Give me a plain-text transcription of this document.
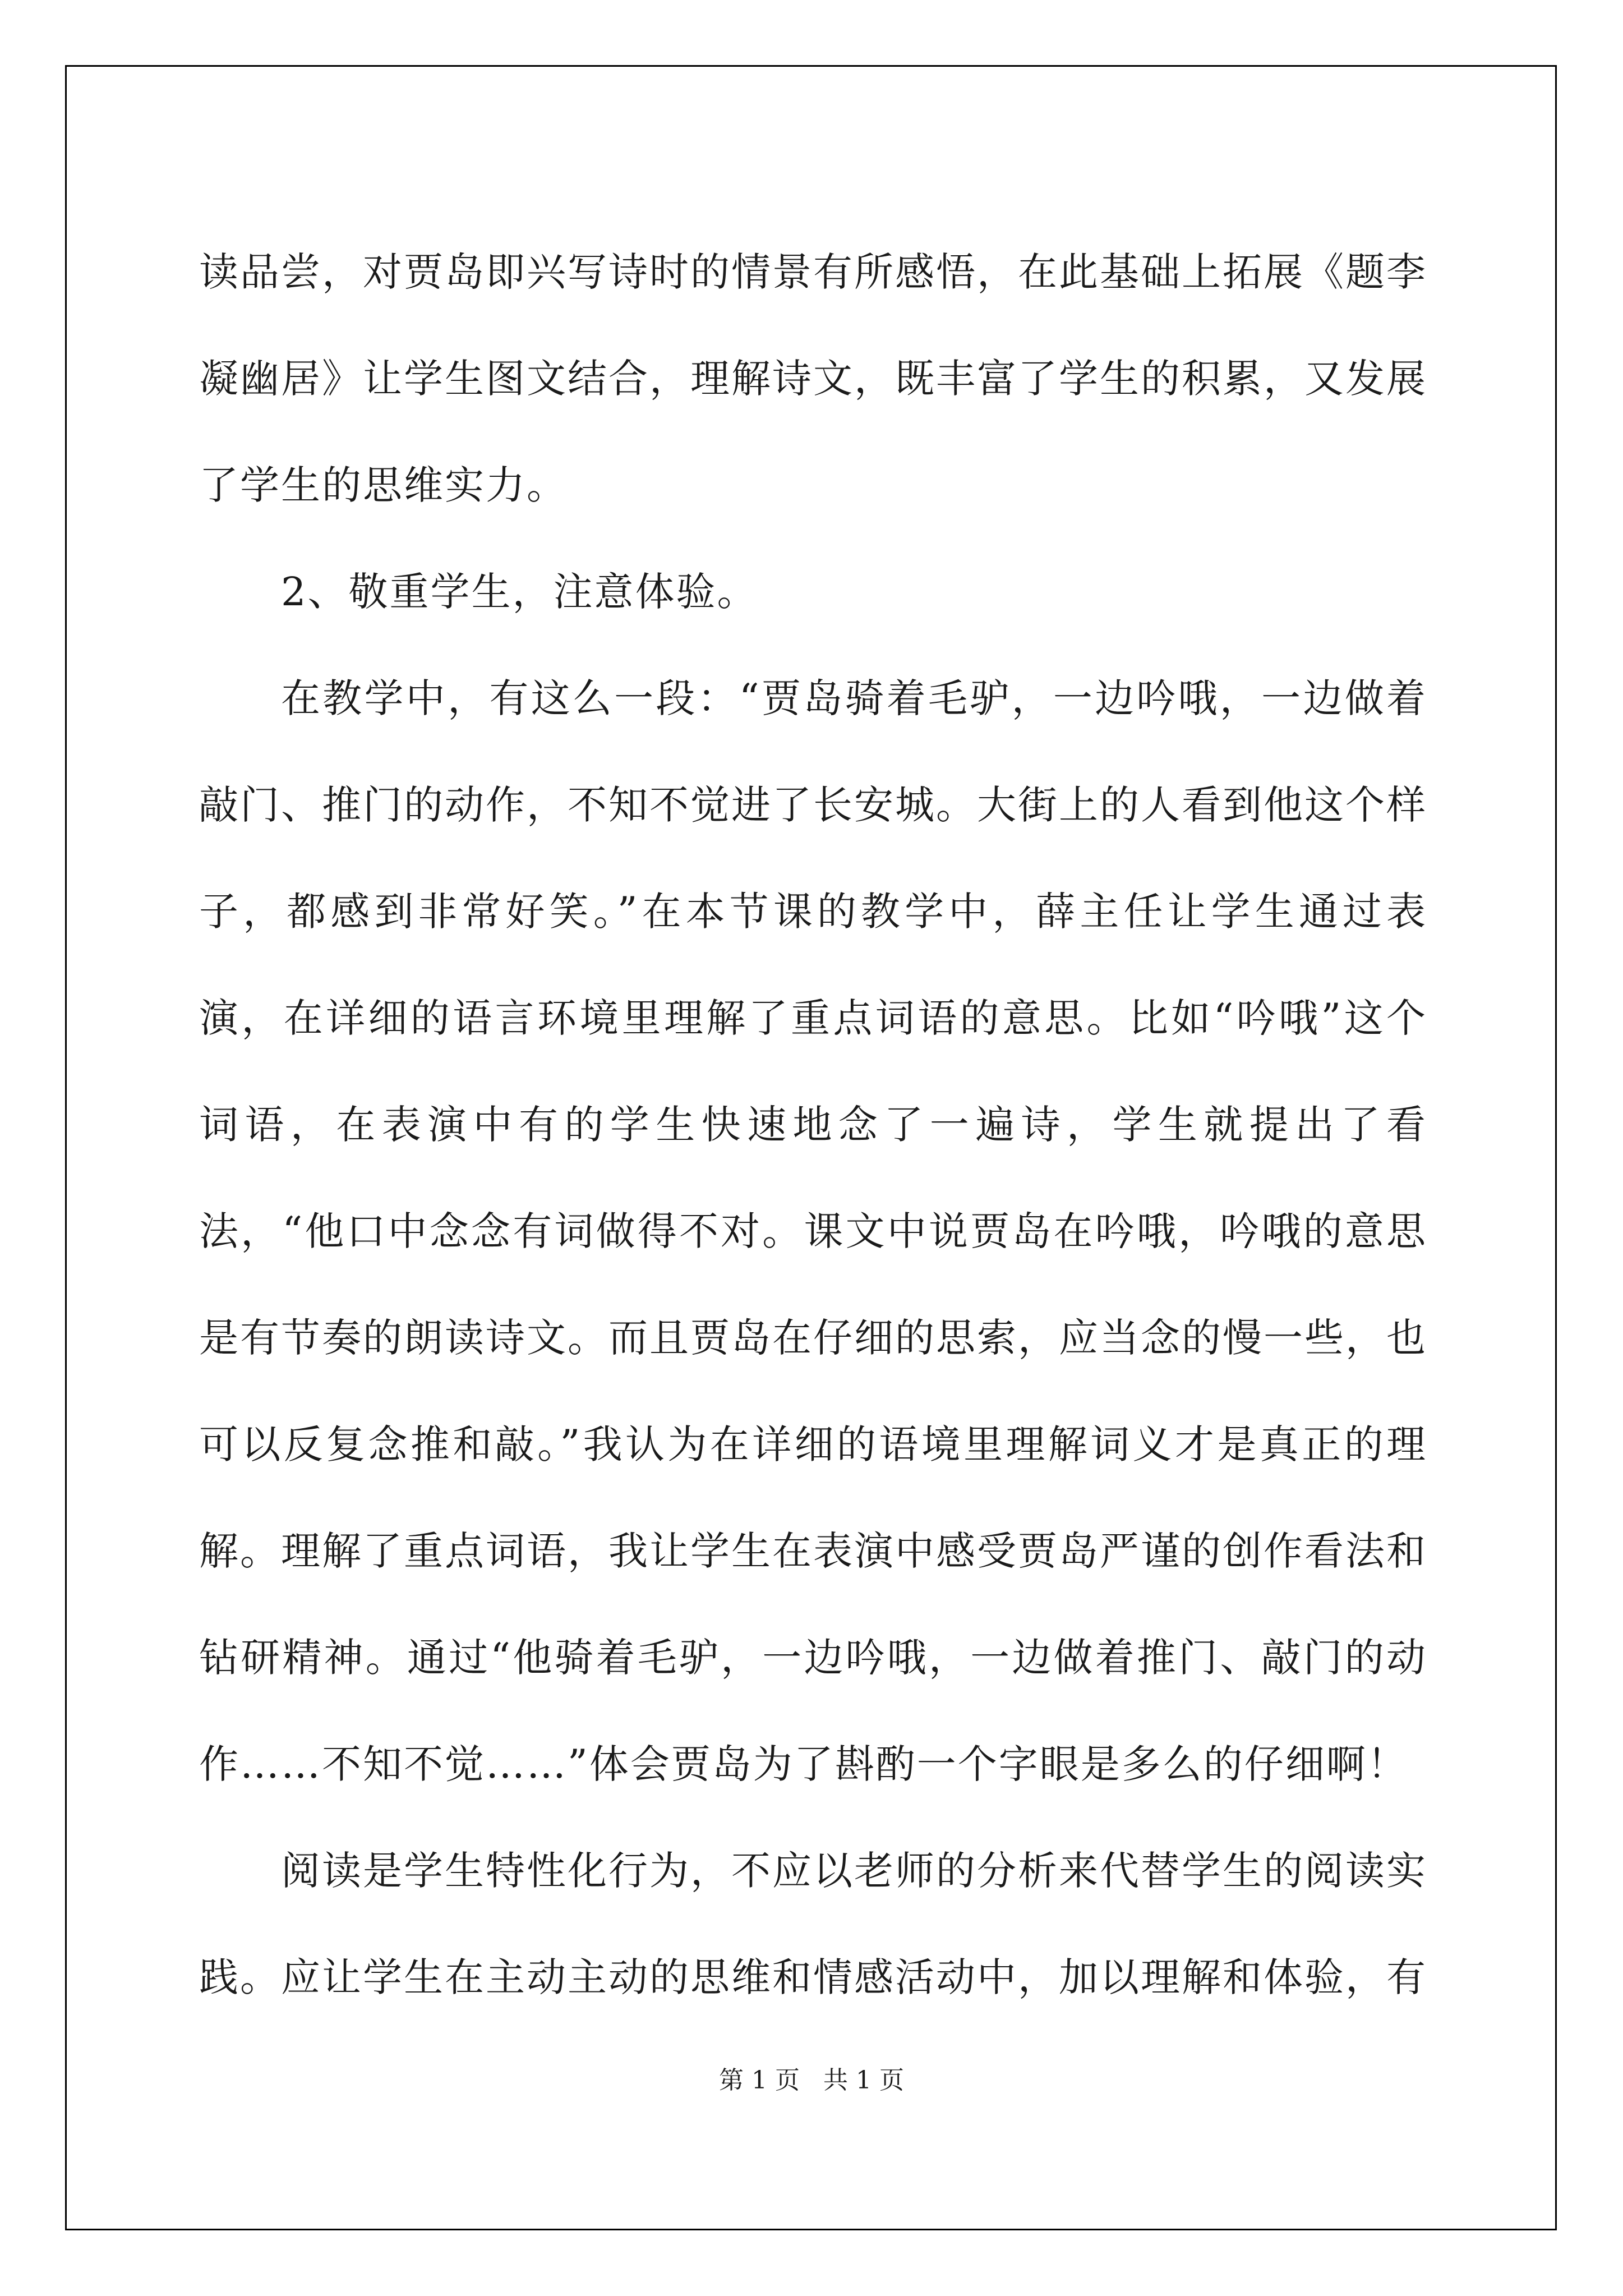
读品尝，对贾岛即兴写诗时的情景有所感悟，在此基础上拓展《题李凝幽居》让学生图文结合，理解诗文，既丰富了学生的积累，又发展了学生的思维实力。

2、敬重学生，注意体验。

在教学中，有这么一段：“贾岛骑着毛驴，一边吟哦，一边做着敲门、推门的动作，不知不觉进了长安城。大街上的人看到他这个样子，都感到非常好笑。”在本节课的教学中，薛主任让学生通过表演，在详细的语言环境里理解了重点词语的意思。比如“吟哦”这个词语，在表演中有的学生快速地念了一遍诗，学生就提出了看法，“他口中念念有词做得不对。课文中说贾岛在吟哦，吟哦的意思是有节奏的朗读诗文。而且贾岛在仔细的思索，应当念的慢一些，也可以反复念推和敲。”我认为在详细的语境里理解词义才是真正的理解。理解了重点词语，我让学生在表演中感受贾岛严谨的创作看法和钻研精神。通过“他骑着毛驴，一边吟哦，一边做着推门、敲门的动作……不知不觉……”体会贾岛为了斟酌一个字眼是多么的仔细啊！

阅读是学生特性化行为，不应以老师的分析来代替学生的阅读实践。应让学生在主动主动的思维和情感活动中，加以理解和体验，有

第 1 页   共 1 页
